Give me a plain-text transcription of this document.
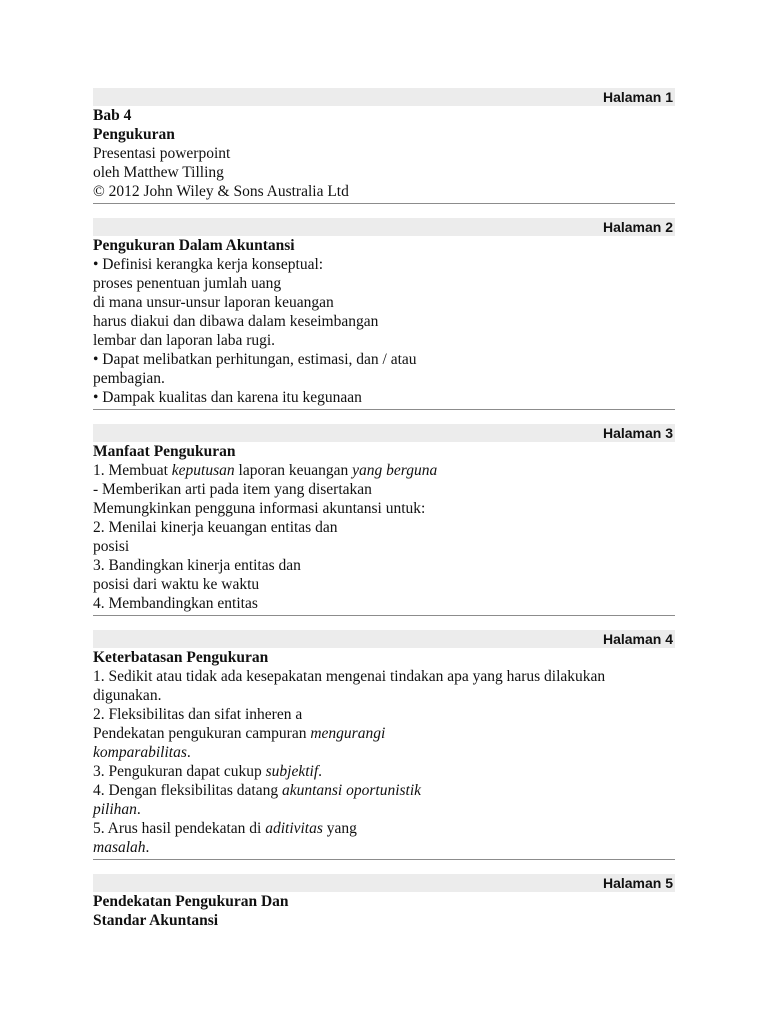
Halaman 1
Bab 4
Pengukuran
Presentasi powerpoint
oleh Matthew Tilling
© 2012 John Wiley & Sons Australia Ltd
Halaman 2
Pengukuran Dalam Akuntansi
• Definisi kerangka kerja konseptual:
proses penentuan jumlah uang
di mana unsur-unsur laporan keuangan
harus diakui dan dibawa dalam keseimbangan
lembar dan laporan laba rugi.
• Dapat melibatkan perhitungan, estimasi, dan / atau
pembagian.
• Dampak kualitas dan karena itu kegunaan
Halaman 3
Manfaat Pengukuran
1. Membuat keputusan laporan keuangan yang berguna
- Memberikan arti pada item yang disertakan
Memungkinkan pengguna informasi akuntansi untuk:
2. Menilai kinerja keuangan entitas dan
posisi
3. Bandingkan kinerja entitas dan
posisi dari waktu ke waktu
4. Membandingkan entitas
Halaman 4
Keterbatasan Pengukuran
1. Sedikit atau tidak ada kesepakatan mengenai tindakan apa yang harus dilakukan
digunakan.
2. Fleksibilitas dan sifat inheren a
Pendekatan pengukuran campuran mengurangi
komparabilitas.
3. Pengukuran dapat cukup subjektif.
4. Dengan fleksibilitas datang akuntansi oportunistik
pilihan.
5. Arus hasil pendekatan di aditivitas yang
masalah.
Halaman 5
Pendekatan Pengukuran Dan
Standar Akuntansi
